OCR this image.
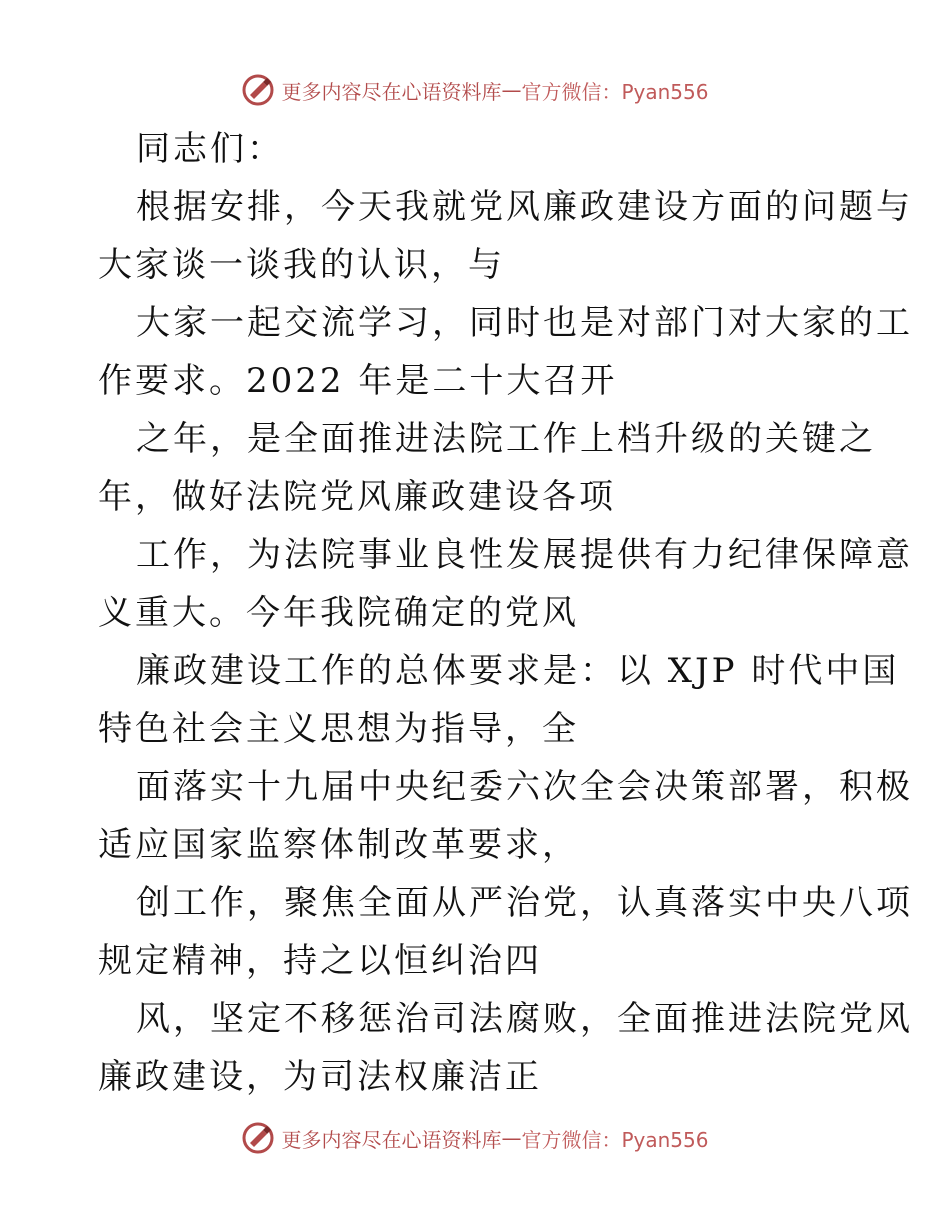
更多内容尽在心语资料库 — 官方微信：Pyan556
同志们：
根据安排，今天我就党风廉政建设方面的问题与
大家谈一谈我的认识，与
大家一起交流学习，同时也是对部门对大家的工
作要求。2022 年是二十大召开
之年，是全面推进法院工作上档升级的关键之
年，做好法院党风廉政建设各项
工作，为法院事业良性发展提供有力纪律保障意
义重大。今年我院确定的党风
廉政建设工作的总体要求是：以 XJP 时代中国
特色社会主义思想为指导，全
面落实十九届中央纪委六次全会决策部署，积极
适应国家监察体制改革要求，
创工作，聚焦全面从严治党，认真落实中央八项
规定精神，持之以恒纠治四
风，坚定不移惩治司法腐败，全面推进法院党风
廉政建设，为司法权廉洁正
更多内容尽在心语资料库 — 官方微信：Pyan556
